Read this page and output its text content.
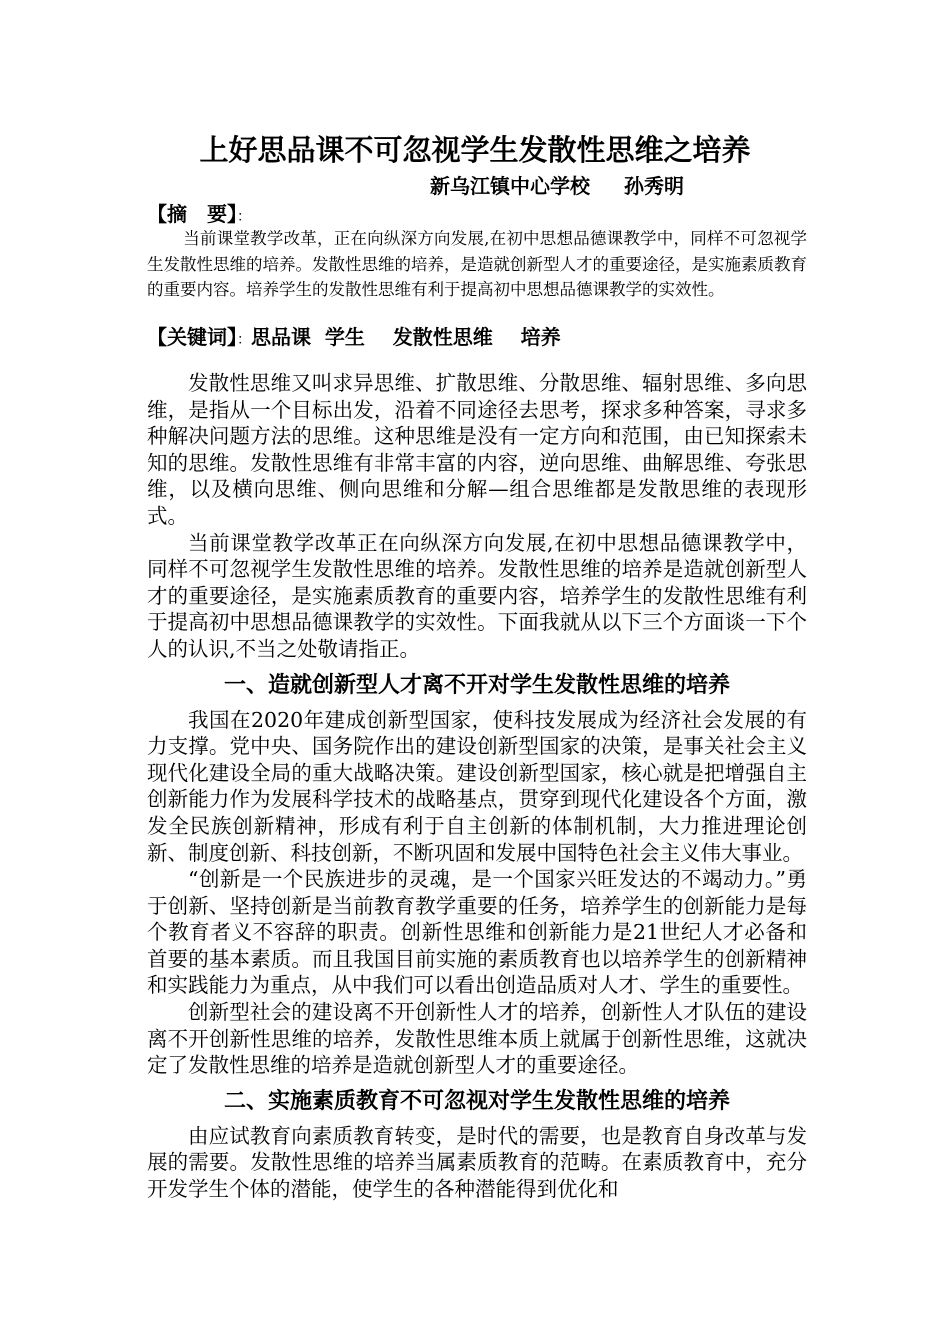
上好思品课不可忽视学生发散性思维之培养
新乌江镇中心学校 孙秀明
【摘　要】：

当前课堂教学改革，正在向纵深方向发展,在初中思想品德课教学中，同样不可忽视学生发散性思维的培养。发散性思维的培养，是造就创新型人才的重要途径，是实施素质教育的重要内容。培养学生的发散性思维有利于提高初中思想品德课教学的实效性。

【关键词】：思品课  学生    发散性思维    培养

发散性思维又叫求异思维、扩散思维、分散思维、辐射思维、多向思维，是指从一个目标出发，沿着不同途径去思考，探求多种答案，寻求多种解决问题方法的思维。这种思维是没有一定方向和范围，由已知探索未知的思维。发散性思维有非常丰富的内容，逆向思维、曲解思维、夸张思维，以及横向思维、侧向思维和分解—组合思维都是发散思维的表现形式。

当前课堂教学改革正在向纵深方向发展,在初中思想品德课教学中，同样不可忽视学生发散性思维的培养。发散性思维的培养是造就创新型人才的重要途径，是实施素质教育的重要内容，培养学生的发散性思维有利于提高初中思想品德课教学的实效性。下面我就从以下三个方面谈一下个人的认识,不当之处敬请指正。

一、造就创新型人才离不开对学生发散性思维的培养

我国在2020年建成创新型国家，使科技发展成为经济社会发展的有力支撑。党中央、国务院作出的建设创新型国家的决策，是事关社会主义现代化建设全局的重大战略决策。建设创新型国家，核心就是把增强自主创新能力作为发展科学技术的战略基点，贯穿到现代化建设各个方面，激发全民族创新精神，形成有利于自主创新的体制机制，大力推进理论创新、制度创新、科技创新，不断巩固和发展中国特色社会主义伟大事业。

“创新是一个民族进步的灵魂，是一个国家兴旺发达的不竭动力。”勇于创新、坚持创新是当前教育教学重要的任务，培养学生的创新能力是每个教育者义不容辞的职责。创新性思维和创新能力是21世纪人才必备和首要的基本素质。而且我国目前实施的素质教育也以培养学生的创新精神和实践能力为重点，从中我们可以看出创造品质对人才、学生的重要性。

创新型社会的建设离不开创新性人才的培养，创新性人才队伍的建设离不开创新性思维的培养，发散性思维本质上就属于创新性思维，这就决定了发散性思维的培养是造就创新型人才的重要途径。

二、实施素质教育不可忽视对学生发散性思维的培养

由应试教育向素质教育转变，是时代的需要，也是教育自身改革与发展的需要。发散性思维的培养当属素质教育的范畴。在素质教育中，充分开发学生个体的潜能，使学生的各种潜能得到优化和
